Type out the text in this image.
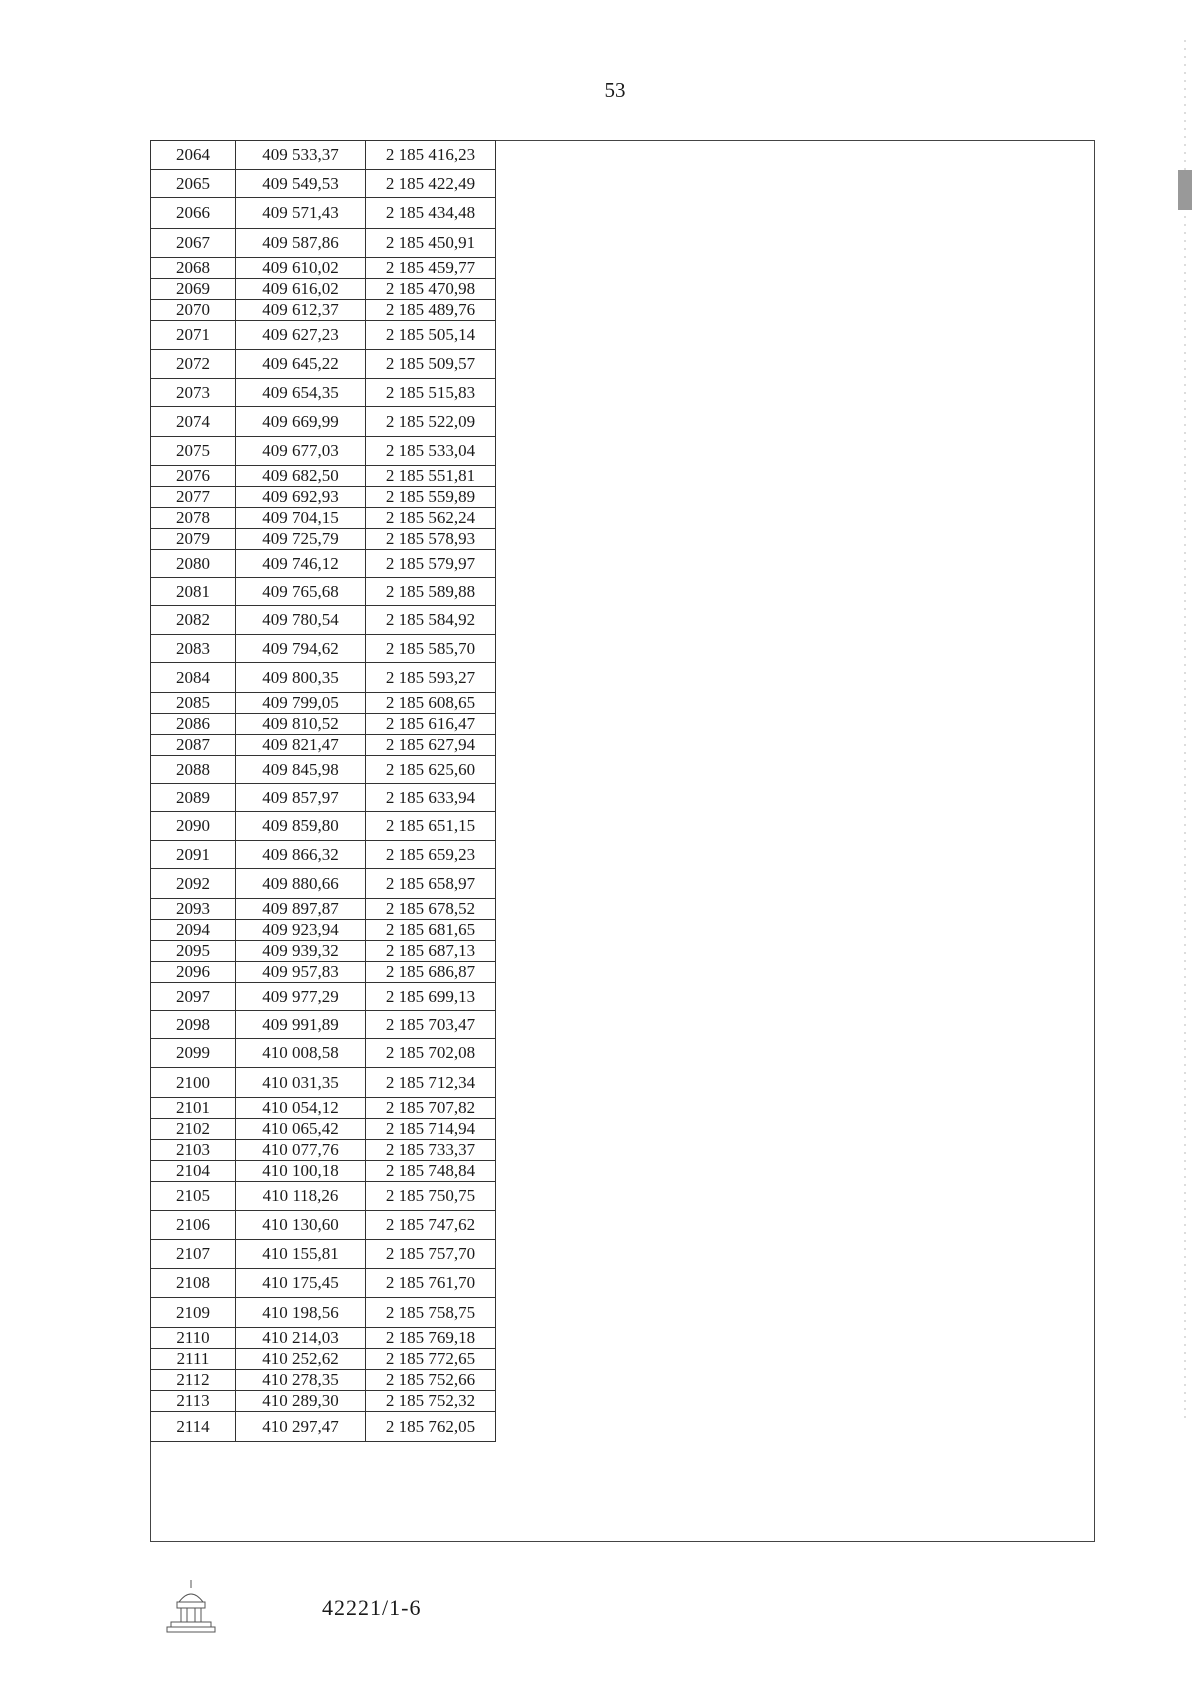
53
2064	409 533,37	2 185 416,23
2065	409 549,53	2 185 422,49
2066	409 571,43	2 185 434,48
2067	409 587,86	2 185 450,91
2068	409 610,02	2 185 459,77
2069	409 616,02	2 185 470,98
2070	409 612,37	2 185 489,76
2071	409 627,23	2 185 505,14
2072	409 645,22	2 185 509,57
2073	409 654,35	2 185 515,83
2074	409 669,99	2 185 522,09
2075	409 677,03	2 185 533,04
2076	409 682,50	2 185 551,81
2077	409 692,93	2 185 559,89
2078	409 704,15	2 185 562,24
2079	409 725,79	2 185 578,93
2080	409 746,12	2 185 579,97
2081	409 765,68	2 185 589,88
2082	409 780,54	2 185 584,92
2083	409 794,62	2 185 585,70
2084	409 800,35	2 185 593,27
2085	409 799,05	2 185 608,65
2086	409 810,52	2 185 616,47
2087	409 821,47	2 185 627,94
2088	409 845,98	2 185 625,60
2089	409 857,97	2 185 633,94
2090	409 859,80	2 185 651,15
2091	409 866,32	2 185 659,23
2092	409 880,66	2 185 658,97
2093	409 897,87	2 185 678,52
2094	409 923,94	2 185 681,65
2095	409 939,32	2 185 687,13
2096	409 957,83	2 185 686,87
2097	409 977,29	2 185 699,13
2098	409 991,89	2 185 703,47
2099	410 008,58	2 185 702,08
2100	410 031,35	2 185 712,34
2101	410 054,12	2 185 707,82
2102	410 065,42	2 185 714,94
2103	410 077,76	2 185 733,37
2104	410 100,18	2 185 748,84
2105	410 118,26	2 185 750,75
2106	410 130,60	2 185 747,62
2107	410 155,81	2 185 757,70
2108	410 175,45	2 185 761,70
2109	410 198,56	2 185 758,75
2110	410 214,03	2 185 769,18
2111	410 252,62	2 185 772,65
2112	410 278,35	2 185 752,66
2113	410 289,30	2 185 752,32
2114	410 297,47	2 185 762,05
42221/1-6
